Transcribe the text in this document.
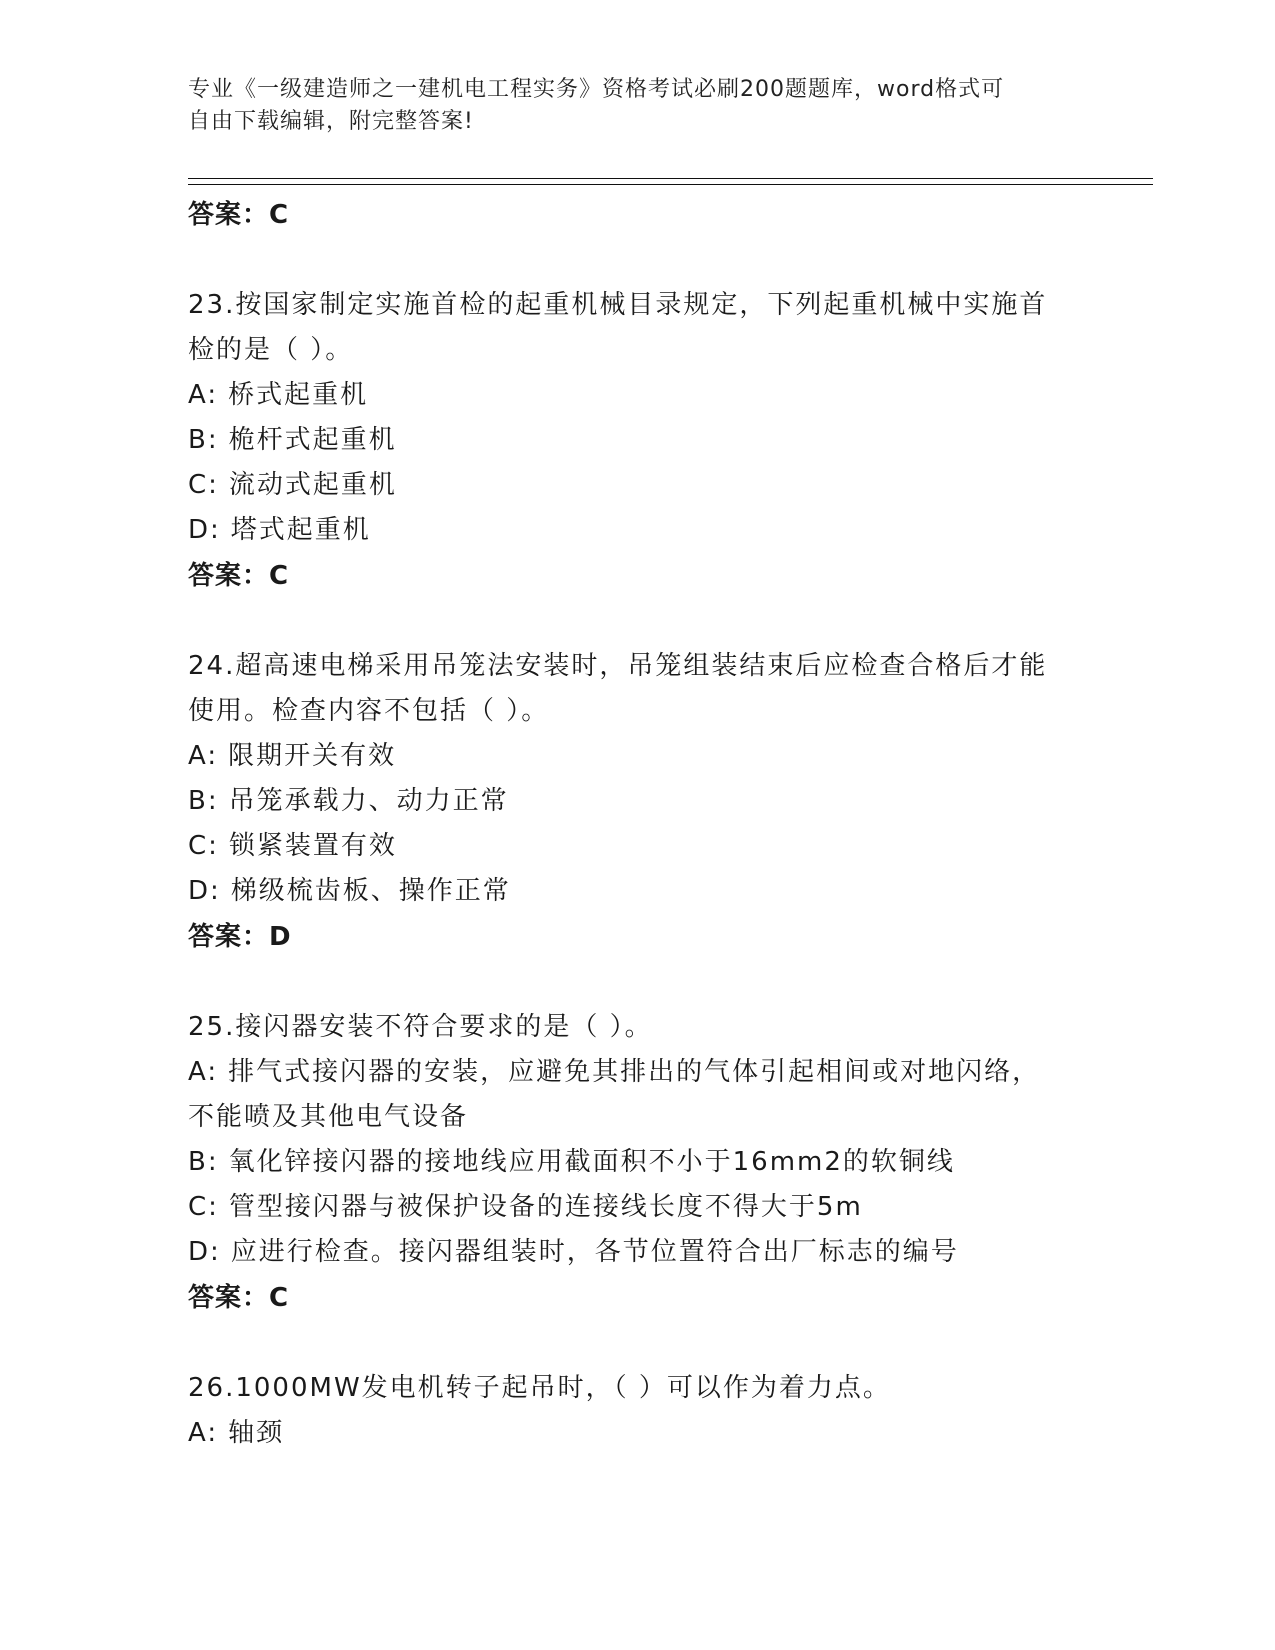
专业《一级建造师之一建机电工程实务》资格考试必刷200题题库，word格式可
自由下载编辑，附完整答案!
答案：C
23.按国家制定实施首检的起重机械目录规定，下列起重机械中实施首
检的是（ ）。
A: 桥式起重机
B: 桅杆式起重机
C: 流动式起重机
D: 塔式起重机
答案：C
24.超高速电梯采用吊笼法安装时，吊笼组装结束后应检查合格后才能
使用。检查内容不包括（ ）。
A: 限期开关有效
B: 吊笼承载力、动力正常
C: 锁紧装置有效
D: 梯级梳齿板、操作正常
答案：D
25.接闪器安装不符合要求的是（ ）。
A: 排气式接闪器的安装，应避免其排出的气体引起相间或对地闪络，
不能喷及其他电气设备
B: 氧化锌接闪器的接地线应用截面积不小于16mm2的软铜线
C: 管型接闪器与被保护设备的连接线长度不得大于5m
D: 应进行检查。接闪器组装时，各节位置符合出厂标志的编号
答案：C
26.1000MW发电机转子起吊时，（ ）可以作为着力点。
A: 轴颈
